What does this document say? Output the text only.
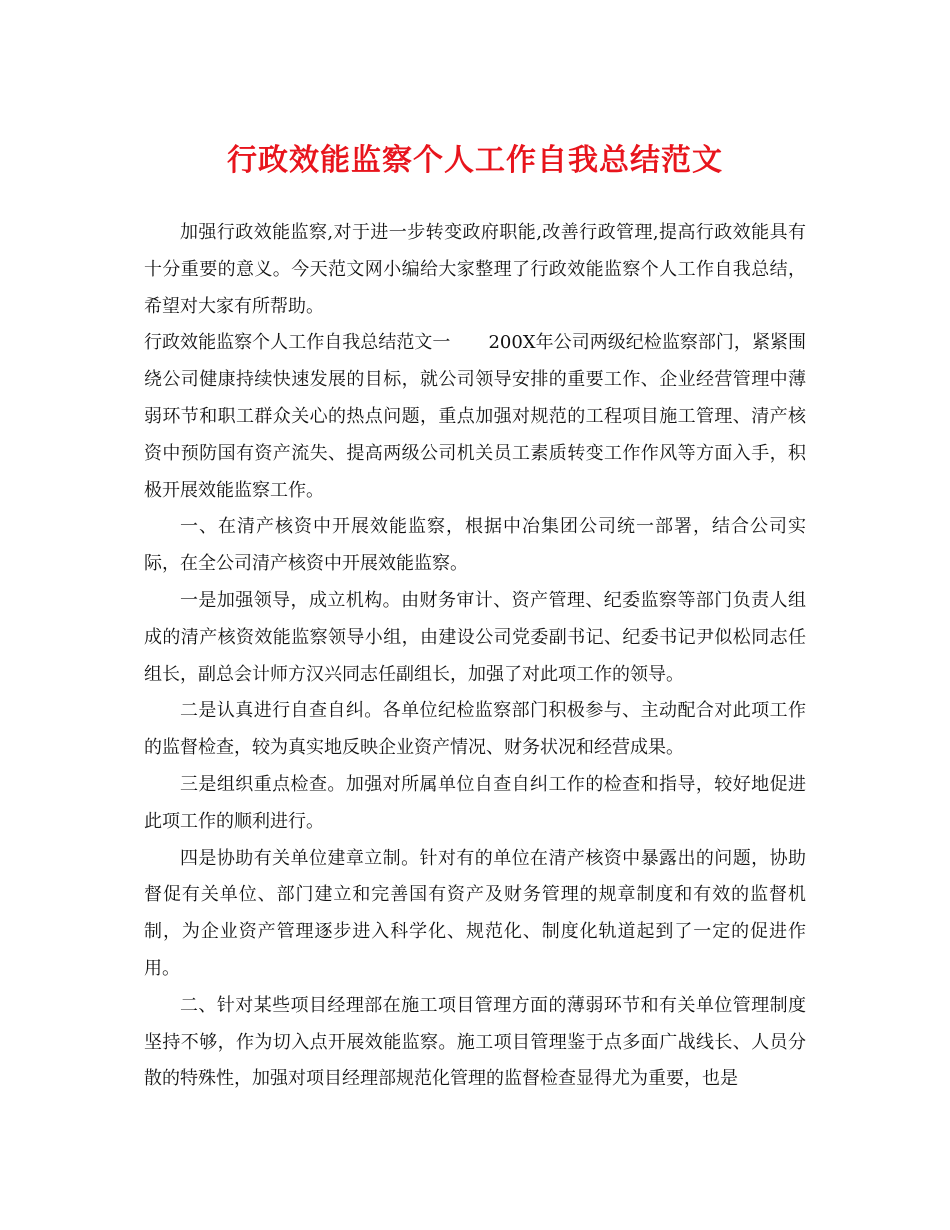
行政效能监察个人工作自我总结范文

加强行政效能监察,对于进一步转变政府职能,改善行政管理,提高行政效能具有十分重要的意义。今天范文网小编给大家整理了行政效能监察个人工作自我总结，希望对大家有所帮助。

行政效能监察个人工作自我总结范文一 200X年公司两级纪检监察部门，紧紧围绕公司健康持续快速发展的目标，就公司领导安排的重要工作、企业经营管理中薄弱环节和职工群众关心的热点问题，重点加强对规范的工程项目施工管理、清产核资中预防国有资产流失、提高两级公司机关员工素质转变工作作风等方面入手，积极开展效能监察工作。

一、在清产核资中开展效能监察，根据中冶集团公司统一部署，结合公司实际，在全公司清产核资中开展效能监察。

一是加强领导，成立机构。由财务审计、资产管理、纪委监察等部门负责人组成的清产核资效能监察领导小组，由建设公司党委副书记、纪委书记尹似松同志任组长，副总会计师方汉兴同志任副组长，加强了对此项工作的领导。

二是认真进行自查自纠。各单位纪检监察部门积极参与、主动配合对此项工作的监督检查，较为真实地反映企业资产情况、财务状况和经营成果。

三是组织重点检查。加强对所属单位自查自纠工作的检查和指导，较好地促进此项工作的顺利进行。

四是协助有关单位建章立制。针对有的单位在清产核资中暴露出的问题，协助督促有关单位、部门建立和完善国有资产及财务管理的规章制度和有效的监督机制，为企业资产管理逐步进入科学化、规范化、制度化轨道起到了一定的促进作用。

二、针对某些项目经理部在施工项目管理方面的薄弱环节和有关单位管理制度坚持不够，作为切入点开展效能监察。施工项目管理鉴于点多面广战线长、人员分散的特殊性，加强对项目经理部规范化管理的监督检查显得尤为重要，也是
